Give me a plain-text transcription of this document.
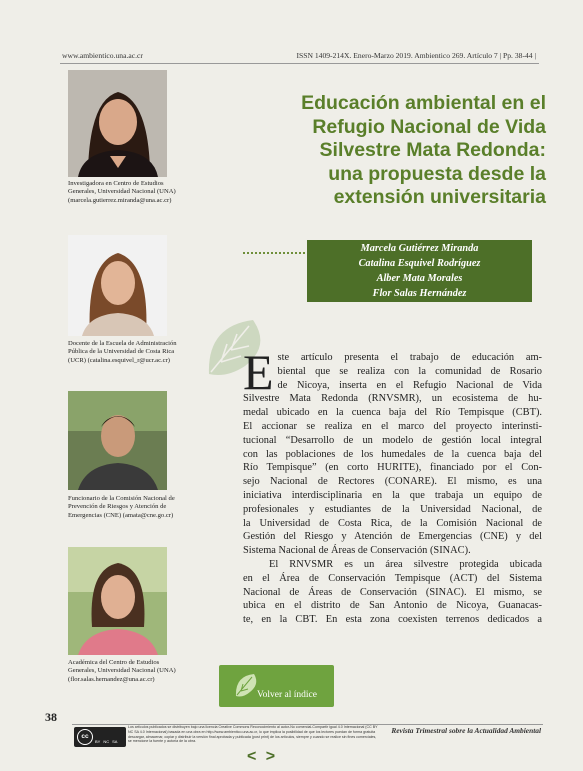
www.ambientico.una.ac.cr	ISSN 1409-214X. Enero-Marzo 2019. Ambientico 269. Artículo 7 | Pp. 38-44 |
Investigadora en Centro de Estudios Generales, Universidad Nacional (UNA) (marcela.gutierrez.miranda@una.ac.cr)
Docente de la Escuela de Administración Pública de la Universidad de Costa Rica (UCR) (catalina.esquivel_r@ucr.ac.cr)
Funcionario de la Comisión Nacional de Prevención de Riesgos y Atención de Emergencias (CNE) (amata@cne.go.cr)
Académica del Centro de Estudios Generales, Universidad Nacional (UNA) (flor.salas.hernandez@una.ac.cr)
Educación ambiental en el
Refugio Nacional de Vida
Silvestre Mata Redonda:
una propuesta desde la
extensión universitaria
Marcela Gutiérrez Miranda
Catalina Esquivel Rodríguez
Alber Mata Morales
Flor Salas Hernández
E ste artículo presenta el trabajo de educación am-

biental que se realiza con la comunidad de Rosario

de Nicoya, inserta en el Refugio Nacional de Vida

Silvestre Mata Redonda (RNVSMR), un ecosistema de hu-

medal ubicado en la cuenca baja del Río Tempisque (CBT).

El accionar se realiza en el marco del proyecto interinsti-

tucional “Desarrollo de un modelo de gestión local integral

con las poblaciones de los humedales de la cuenca baja del

Río Tempisque” (en corto HURITE), financiado por el Con-

sejo Nacional de Rectores (CONARE). El mismo, es una

iniciativa interdisciplinaria en la que trabaja un equipo de

profesionales y estudiantes de la Universidad Nacional, de

la Universidad de Costa Rica, de la Comisión Nacional de

Gestión del Riesgo y Atención de Emergencias (CNE) y del

Sistema Nacional de Áreas de Conservación (SINAC).

El RNVSMR es un área silvestre protegida ubicada

en el Área de Conservación Tempisque (ACT) del Sistema

Nacional de Áreas de Conservación (SINAC). El mismo, se

ubica en el distrito de San Antonio de Nicoya, Guanacas-

te, en la CBT. En esta zona coexisten terrenos dedicados a

Volver al índice
38
cc
BY NC SA
Los artículos publicados se distribuyen bajo una licencia Creative Commons Reconocimiento al autor-No comercial-Compartir igual 4.0 Internacional (CC BY NC SA 4.0 Internacional) basada en una obra en http://www.ambientico.una.ac.cr, lo que implica la posibilidad de que los lectores puedan de forma gratuita descargar, almacenar, copiar y distribuir la versión final aprobada y publicada (post print) de los artículos, siempre y cuando se realice sin fines comerciales, se mencione la fuente y autoría de la obra.
Revista Trimestral sobre la Actualidad Ambiental
< >
